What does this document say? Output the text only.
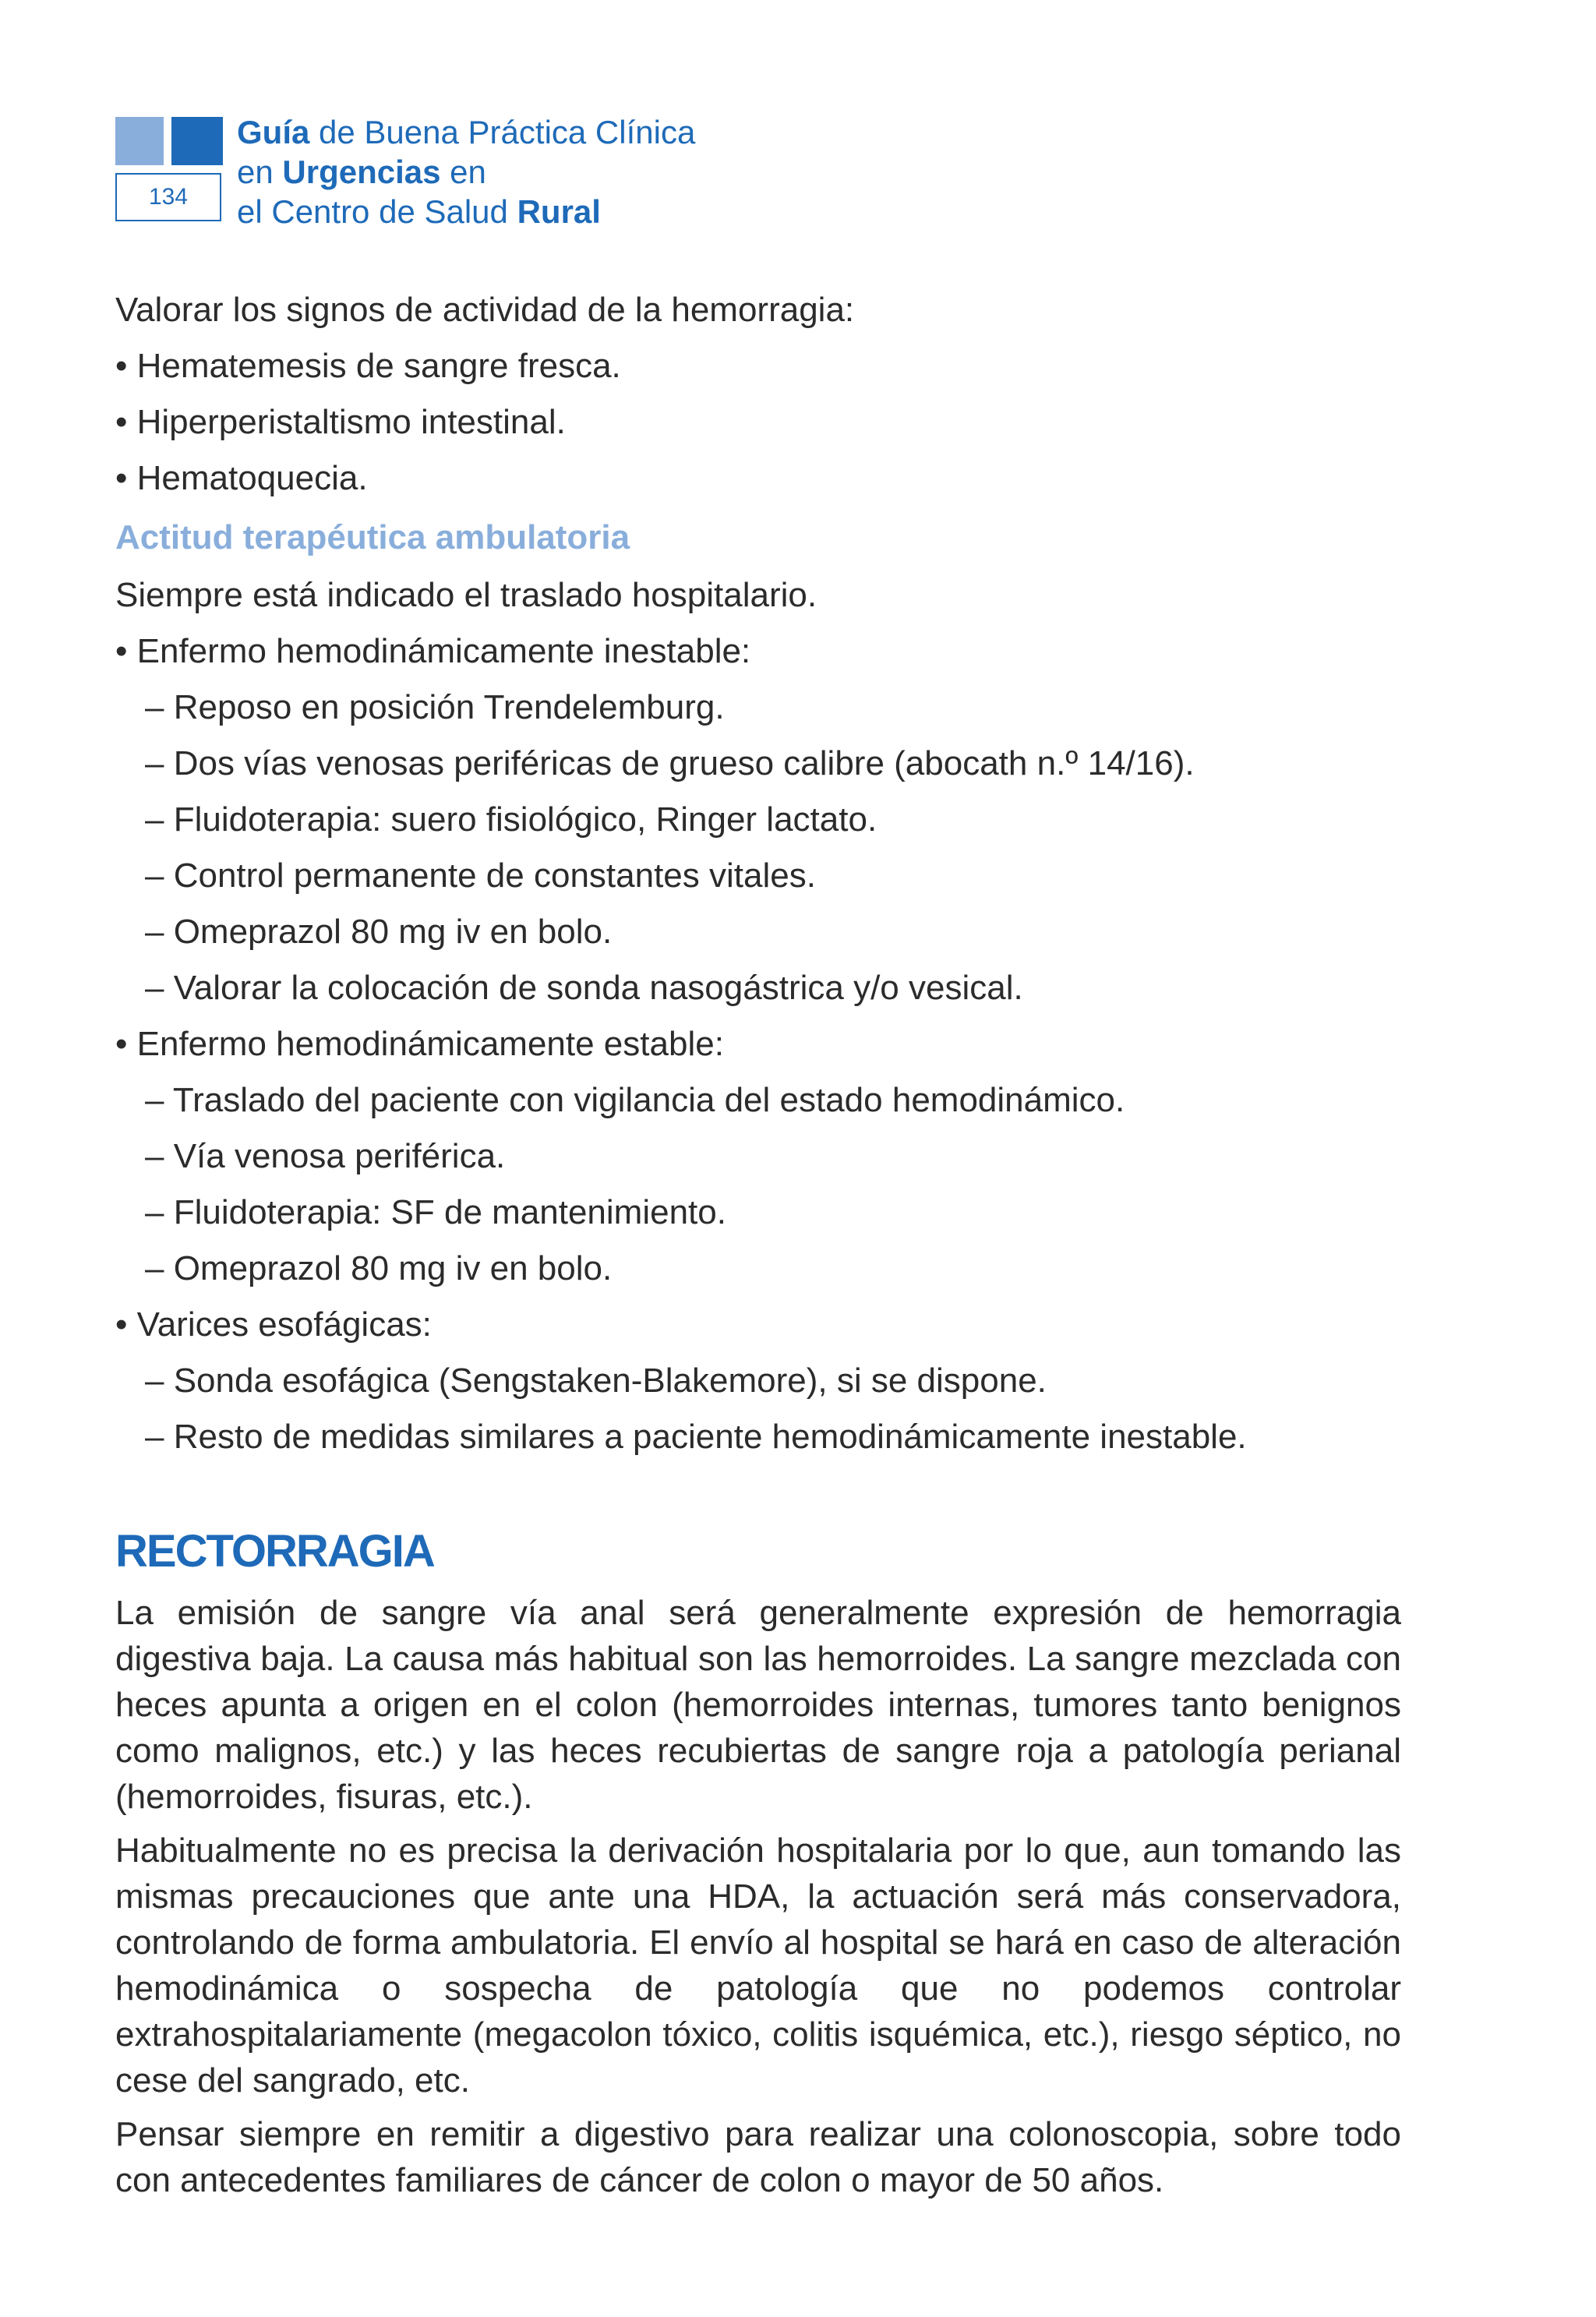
134
Guía de Buena Práctica Clínica
en Urgencias en
el Centro de Salud Rural

Valorar los signos de actividad de la hemorragia:

• Hematemesis de sangre fresca.

• Hiperperistaltismo intestinal.

• Hematoquecia.

Actitud terapéutica ambulatoria

Siempre está indicado el traslado hospitalario.

• Enfermo hemodinámicamente inestable:

– Reposo en posición Trendelemburg.

– Dos vías venosas periféricas de grueso calibre (abocath n.º 14/16).

– Fluidoterapia: suero fisiológico, Ringer lactato.

– Control permanente de constantes vitales.

– Omeprazol 80 mg iv en bolo.

– Valorar la colocación de sonda nasogástrica y/o vesical.

• Enfermo hemodinámicamente estable:

– Traslado del paciente con vigilancia del estado hemodinámico.

– Vía venosa periférica.

– Fluidoterapia: SF de mantenimiento.

– Omeprazol 80 mg iv en bolo.

• Varices esofágicas:

– Sonda esofágica (Sengstaken-Blakemore), si se dispone.

– Resto de medidas similares a paciente hemodinámicamente inestable.

RECTORRAGIA

La emisión de sangre vía anal será generalmente expresión de hemorragia digestiva baja. La causa más habitual son las hemorroides. La sangre mezclada con heces apunta a origen en el colon (hemorroides internas, tumores tanto benignos como malignos, etc.) y las heces recubiertas de sangre roja a patología perianal (hemorroides, fisuras, etc.).

Habitualmente no es precisa la derivación hospitalaria por lo que, aun tomando las mismas precauciones que ante una HDA, la actuación será más conservadora, controlando de forma ambulatoria. El envío al hospital se hará en caso de alteración hemodinámica o sospecha de patología que no podemos controlar extrahospitalariamente (megacolon tóxico, colitis isquémica, etc.), riesgo séptico, no cese del sangrado, etc.

Pensar siempre en remitir a digestivo para realizar una colonoscopia, sobre todo con antecedentes familiares de cáncer de colon o mayor de 50 años.
